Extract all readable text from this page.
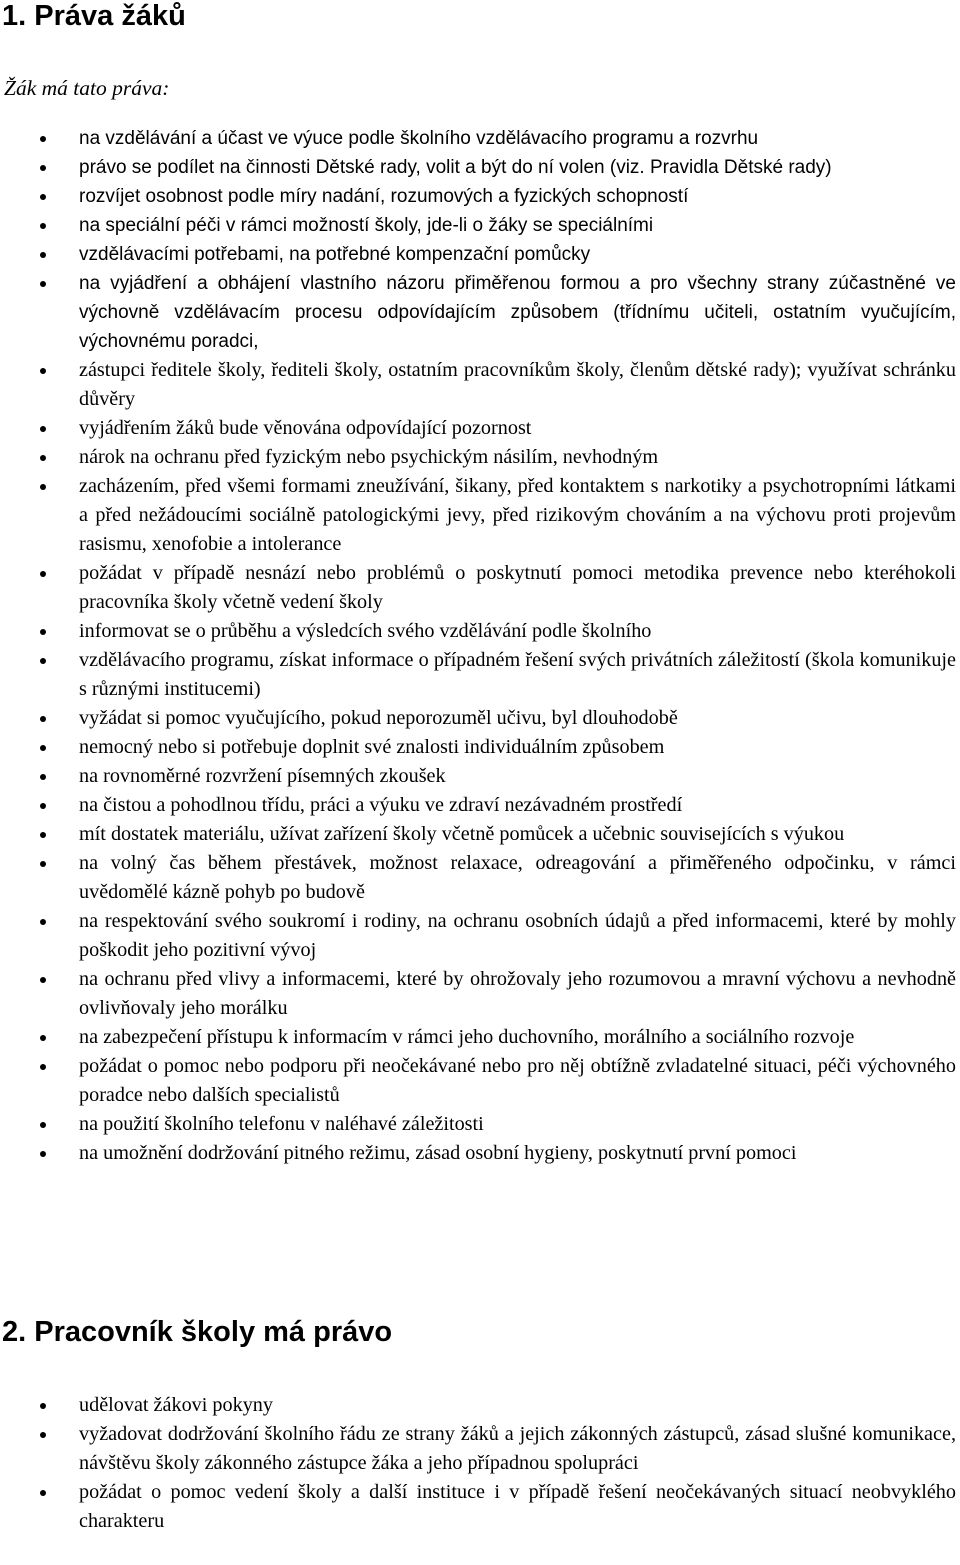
1. Práva žáků

Žák má tato práva:

na vzdělávání a účast ve výuce podle školního vzdělávacího programu a rozvrhu
právo se podílet na činnosti Dětské rady, volit a být do ní volen (viz. Pravidla Dětské rady)
rozvíjet osobnost podle míry nadání, rozumových a fyzických schopností
na speciální péči v rámci možností školy, jde-li o žáky se speciálními
vzdělávacími potřebami, na potřebné kompenzační pomůcky
na vyjádření a obhájení vlastního názoru přiměřenou formou a pro všechny strany zúčastněné ve výchovně vzdělávacím procesu odpovídajícím způsobem (třídnímu učiteli, ostatním vyučujícím, výchovnému poradci,
zástupci ředitele školy, řediteli školy, ostatním pracovníkům školy, členům dětské rady); využívat schránku důvěry
vyjádřením žáků bude věnována odpovídající pozornost
nárok na ochranu před fyzickým nebo psychickým násilím, nevhodným
zacházením, před všemi formami zneužívání, šikany, před kontaktem s narkotiky a psychotropními látkami a před nežádoucími sociálně patologickými jevy, před rizikovým chováním a na výchovu proti projevům rasismu, xenofobie a intolerance
požádat v případě nesnází nebo problémů o poskytnutí pomoci metodika prevence nebo kteréhokoli pracovníka školy včetně vedení školy
informovat se o průběhu a výsledcích svého vzdělávání podle školního
vzdělávacího programu, získat informace o případném řešení svých privátních záležitostí (škola komunikuje s různými institucemi)
vyžádat si pomoc vyučujícího, pokud neporozuměl učivu, byl dlouhodobě
nemocný nebo si potřebuje doplnit své znalosti individuálním způsobem
na rovnoměrné rozvržení písemných zkoušek
na čistou a pohodlnou třídu, práci a výuku ve zdraví nezávadném prostředí
mít dostatek materiálu, užívat zařízení školy včetně pomůcek a učebnic souvisejících s výukou
na volný čas během přestávek, možnost relaxace, odreagování a přiměřeného odpočinku, v rámci uvědomělé kázně pohyb po budově
na respektování svého soukromí i rodiny, na ochranu osobních údajů a před informacemi, které by mohly poškodit jeho pozitivní vývoj
na ochranu před vlivy a informacemi, které by ohrožovaly jeho rozumovou a mravní výchovu a nevhodně ovlivňovaly jeho morálku
na zabezpečení přístupu k informacím v rámci jeho duchovního, morálního a sociálního rozvoje
požádat o pomoc nebo podporu při neočekávané nebo pro něj obtížně zvladatelné situaci, péči výchovného poradce nebo dalších specialistů
na použití školního telefonu v naléhavé záležitosti
na umožnění dodržování pitného režimu, zásad osobní hygieny, poskytnutí první pomoci
2. Pracovník školy má právo
udělovat žákovi pokyny
vyžadovat dodržování školního řádu ze strany žáků a jejich zákonných zástupců, zásad slušné komunikace, návštěvu školy zákonného zástupce žáka a jeho případnou spolupráci
požádat o pomoc vedení školy a další instituce i v případě řešení neočekávaných situací neobvyklého charakteru
